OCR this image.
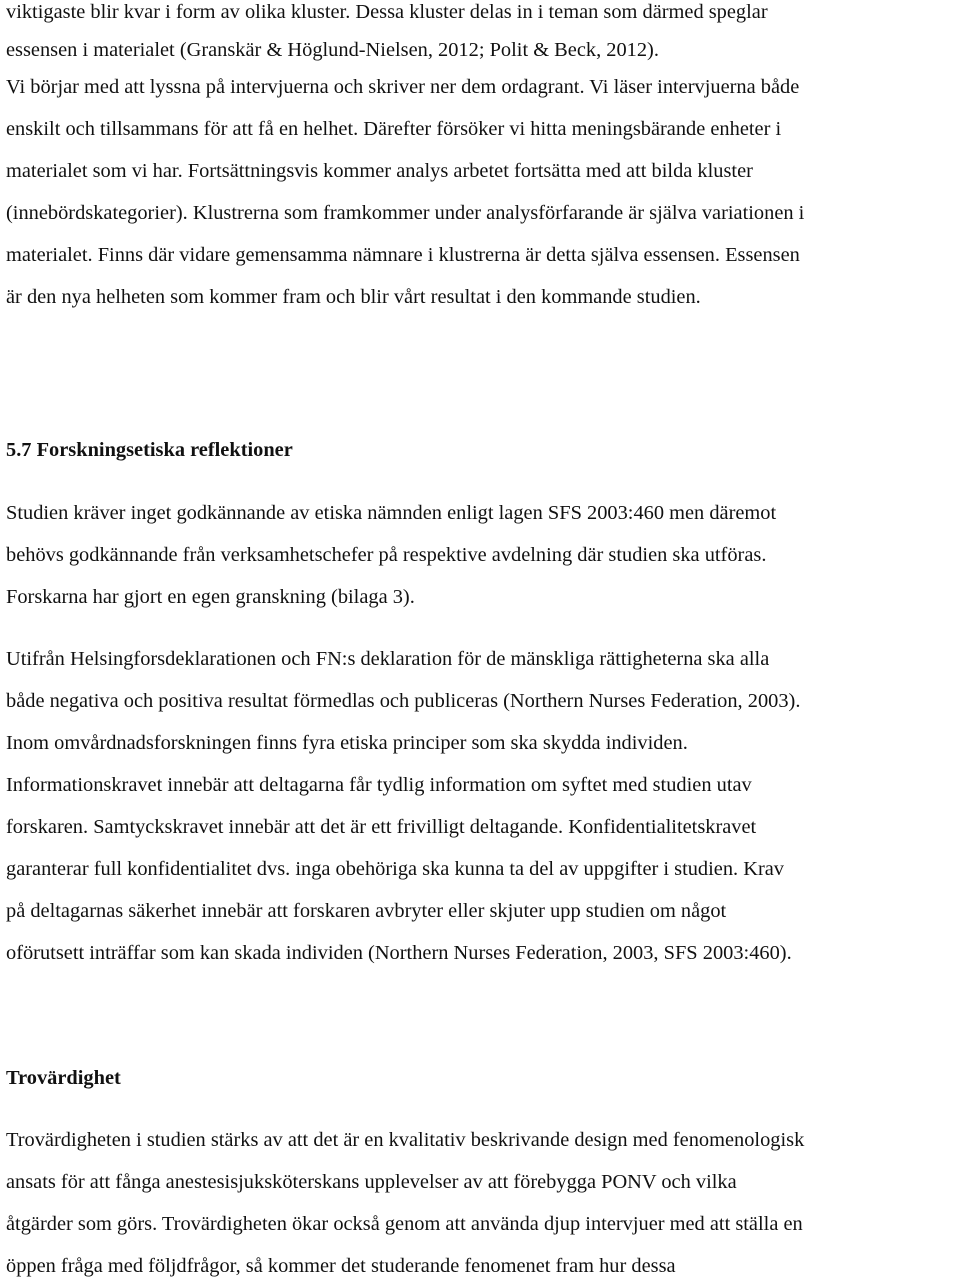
viktigaste blir kvar i form av olika kluster. Dessa kluster delas in i teman som därmed speglar
essensen i materialet (Granskär & Höglund-Nielsen, 2012; Polit & Beck, 2012).
Vi börjar med att lyssna på intervjuerna och skriver ner dem ordagrant. Vi läser intervjuerna både
enskilt och tillsammans för att få en helhet. Därefter försöker vi hitta meningsbärande enheter i
materialet som vi har. Fortsättningsvis kommer analys arbetet fortsätta med att bilda kluster
(innebördskategorier). Klustrerna som framkommer under analysförfarande är själva variationen i
materialet. Finns där vidare gemensamma nämnare i klustrerna är detta själva essensen. Essensen
är den nya helheten som kommer fram och blir vårt resultat i den kommande studien.
5.7 Forskningsetiska reflektioner
Studien kräver inget godkännande av etiska nämnden enligt lagen SFS 2003:460 men däremot
behövs godkännande från verksamhetschefer på respektive avdelning där studien ska utföras.
Forskarna har gjort en egen granskning (bilaga 3).
Utifrån Helsingforsdeklarationen och FN:s deklaration för de mänskliga rättigheterna ska alla
både negativa och positiva resultat förmedlas och publiceras (Northern Nurses Federation, 2003).
Inom omvårdnadsforskningen finns fyra etiska principer som ska skydda individen.
Informationskravet innebär att deltagarna får tydlig information om syftet med studien utav
forskaren. Samtyckskravet innebär att det är ett frivilligt deltagande. Konfidentialitetskravet
garanterar full konfidentialitet dvs. inga obehöriga ska kunna ta del av uppgifter i studien. Krav
på deltagarnas säkerhet innebär att forskaren avbryter eller skjuter upp studien om något
oförutsett inträffar som kan skada individen (Northern Nurses Federation, 2003, SFS 2003:460).
Trovärdighet
Trovärdigheten i studien stärks av att det är en kvalitativ beskrivande design med fenomenologisk
ansats för att fånga anestesisjuksköterskans upplevelser av att förebygga PONV och vilka
åtgärder som görs. Trovärdigheten ökar också genom att använda djup intervjuer med att ställa en
öppen fråga med följdfrågor, så kommer det studerande fenomenet fram hur dessa
